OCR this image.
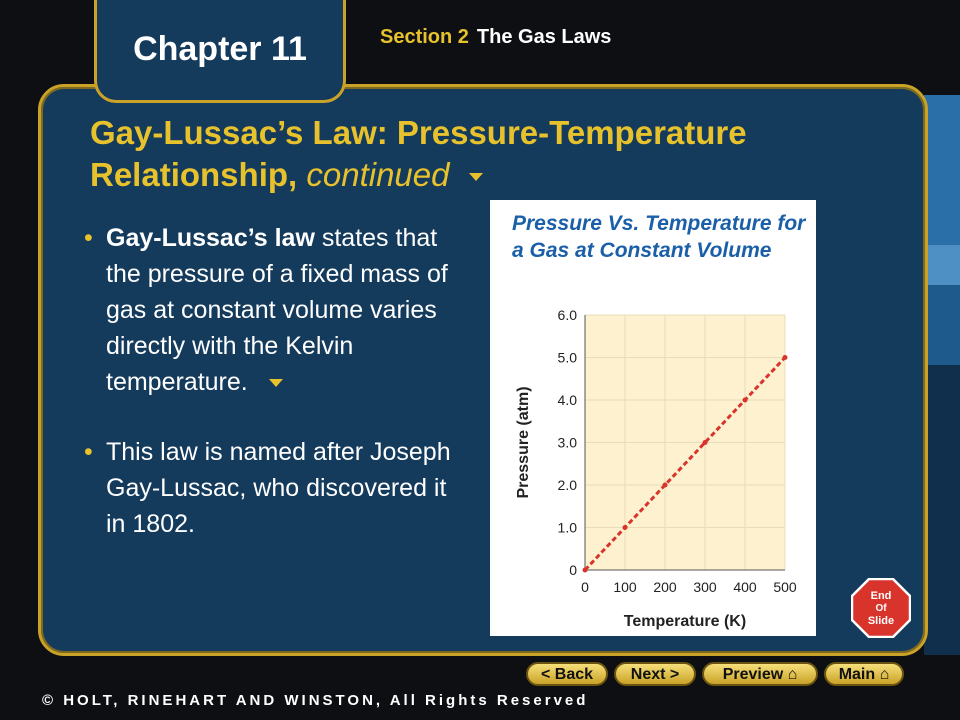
Chapter 11	Section 2 The Gas Laws
Gay-Lussac’s Law: Pressure-Temperature
Relationship, continued
• Gay-Lussac’s law states that the pressure of a fixed mass of gas at constant volume varies directly with the Kelvin temperature.
• This law is named after Joseph Gay-Lussac, who discovered it in 1802.
Pressure Vs. Temperature for a Gas at Constant Volume
0
1.0
2.0
3.0
4.0
5.0
6.0
0 100 200 300 400 500
Temperature (K)
Pressure (atm)
End
Of
Slide
< Back	Next >	Preview ⌂	Main ⌂
© HOLT, RINEHART AND WINSTON, All Rights Reserved
